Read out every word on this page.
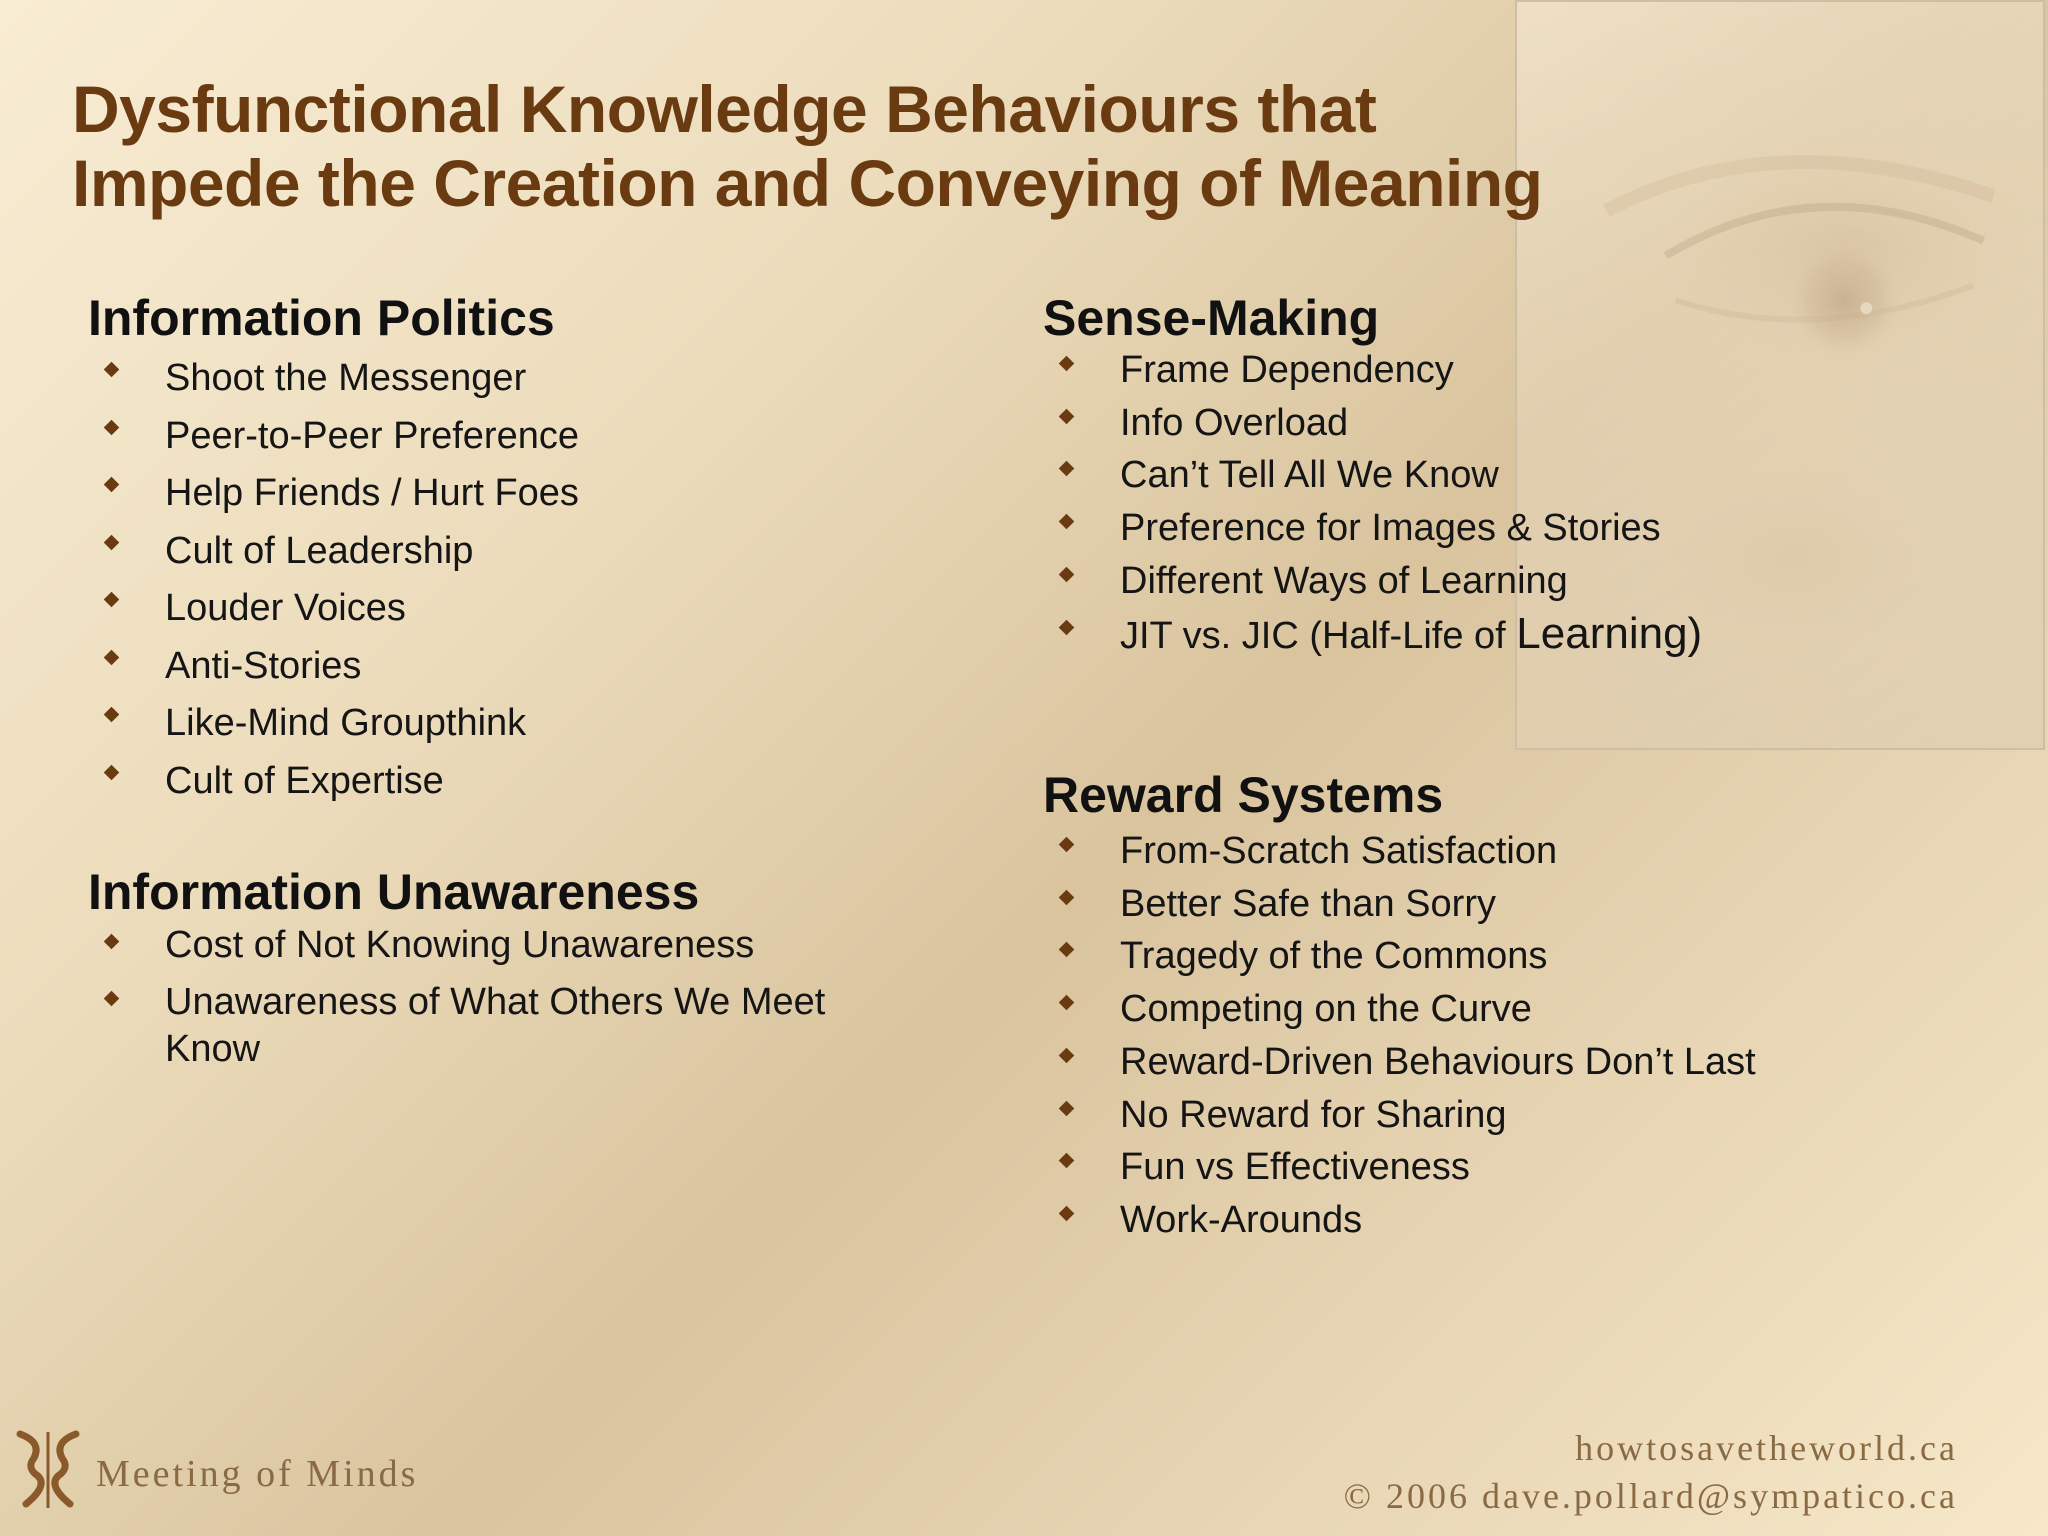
Dysfunctional Knowledge Behaviours that
Impede the Creation and Conveying of Meaning
Information Politics
Shoot the Messenger
Peer-to-Peer Preference
Help Friends / Hurt Foes
Cult of Leadership
Louder Voices
Anti-Stories
Like-Mind Groupthink
Cult of Expertise
Information Unawareness
Cost of Not Knowing Unawareness
Unawareness of What Others We Meet Know
Sense-Making
Frame Dependency
Info Overload
Can’t Tell All We Know
Preference for Images & Stories
Different Ways of Learning
JIT vs. JIC (Half-Life of Learning)
Reward Systems
From-Scratch Satisfaction
Better Safe than Sorry
Tragedy of the Commons
Competing on the Curve
Reward-Driven Behaviours Don’t Last
No Reward for Sharing
Fun vs Effectiveness
Work-Arounds
Meeting of Minds
howtosavetheworld.ca
© 2006 dave.pollard@sympatico.ca
